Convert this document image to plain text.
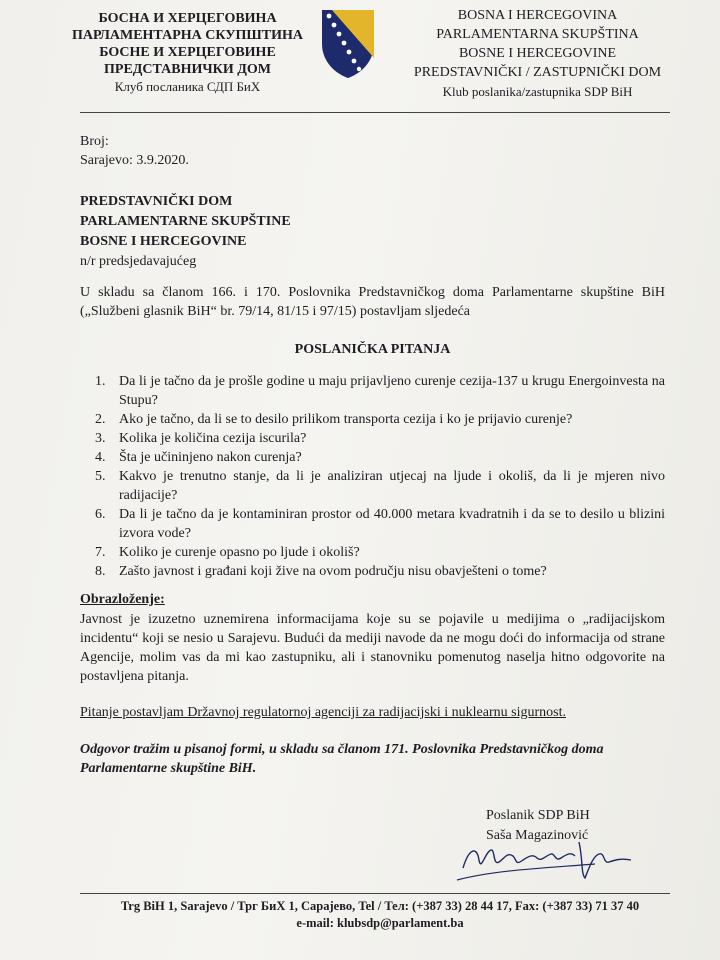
БОСНА И ХЕРЦЕГОВИНА
ПАРЛАМЕНТАРНА СКУПШТИНА
БОСНЕ И ХЕРЦЕГОВИНЕ
ПРЕДСТАВНИЧКИ ДОМ
Клуб посланика СДП БиХ
BOSNA I HERCEGOVINA
PARLAMENTARNA SKUPŠTINA
BOSNE I HERCEGOVINE
PREDSTAVNIČKI / ZASTUPNIČKI DOM
Klub poslanika/zastupnika SDP BiH
Broj:
Sarajevo: 3.9.2020.
PREDSTAVNIČKI DOM
PARLAMENTARNE SKUPŠTINE
BOSNE I HERCEGOVINE
n/r predsjedavajućeg
U skladu sa članom 166. i 170. Poslovnika Predstavničkog doma Parlamentarne skupštine BiH („Službeni glasnik BiH“ br. 79/14, 81/15 i 97/15) postavljam sljedeća
POSLANIČKA PITANJA
1. Da li je tačno da je prošle godine u maju prijavljeno curenje cezija-137 u krugu Energoinvesta na Stupu?
2. Ako je tačno, da li se to desilo prilikom transporta cezija i ko je prijavio curenje?
3. Kolika je količina cezija iscurila?
4. Šta je učininjeno nakon curenja?
5. Kakvo je trenutno stanje, da li je analiziran utjecaj na ljude i okoliš, da li je mjeren nivo radijacije?
6. Da li je tačno da je kontaminiran prostor od 40.000 metara kvadratnih i da se to desilo u blizini izvora vode?
7. Koliko je curenje opasno po ljude i okoliš?
8. Zašto javnost i građani koji žive na ovom području nisu obavješteni o tome?
Obrazloženje:
Javnost je izuzetno uznemirena informacijama koje su se pojavile u medijima o „radijacijskom incidentu“ koji se nesio u Sarajevu. Budući da mediji navode da ne mogu doći do informacija od strane Agencije, molim vas da mi kao zastupniku, ali i stanovniku pomenutog naselja hitno odgovorite na postavljena pitanja.
Pitanje postavljam Državnoj regulatornoj agenciji za radijacijski i nuklearnu sigurnost.
Odgovor tražim u pisanoj formi, u skladu sa članom 171. Poslovnika Predstavničkog doma Parlamentarne skupštine BiH.
Poslanik SDP BiH
Saša Magazinović
Trg BiH 1, Sarajevo / Трг БиХ 1, Сарајево, Tel / Тел: (+387 33) 28 44 17, Fax: (+387 33) 71 37 40
e-mail: klubsdp@parlament.ba
